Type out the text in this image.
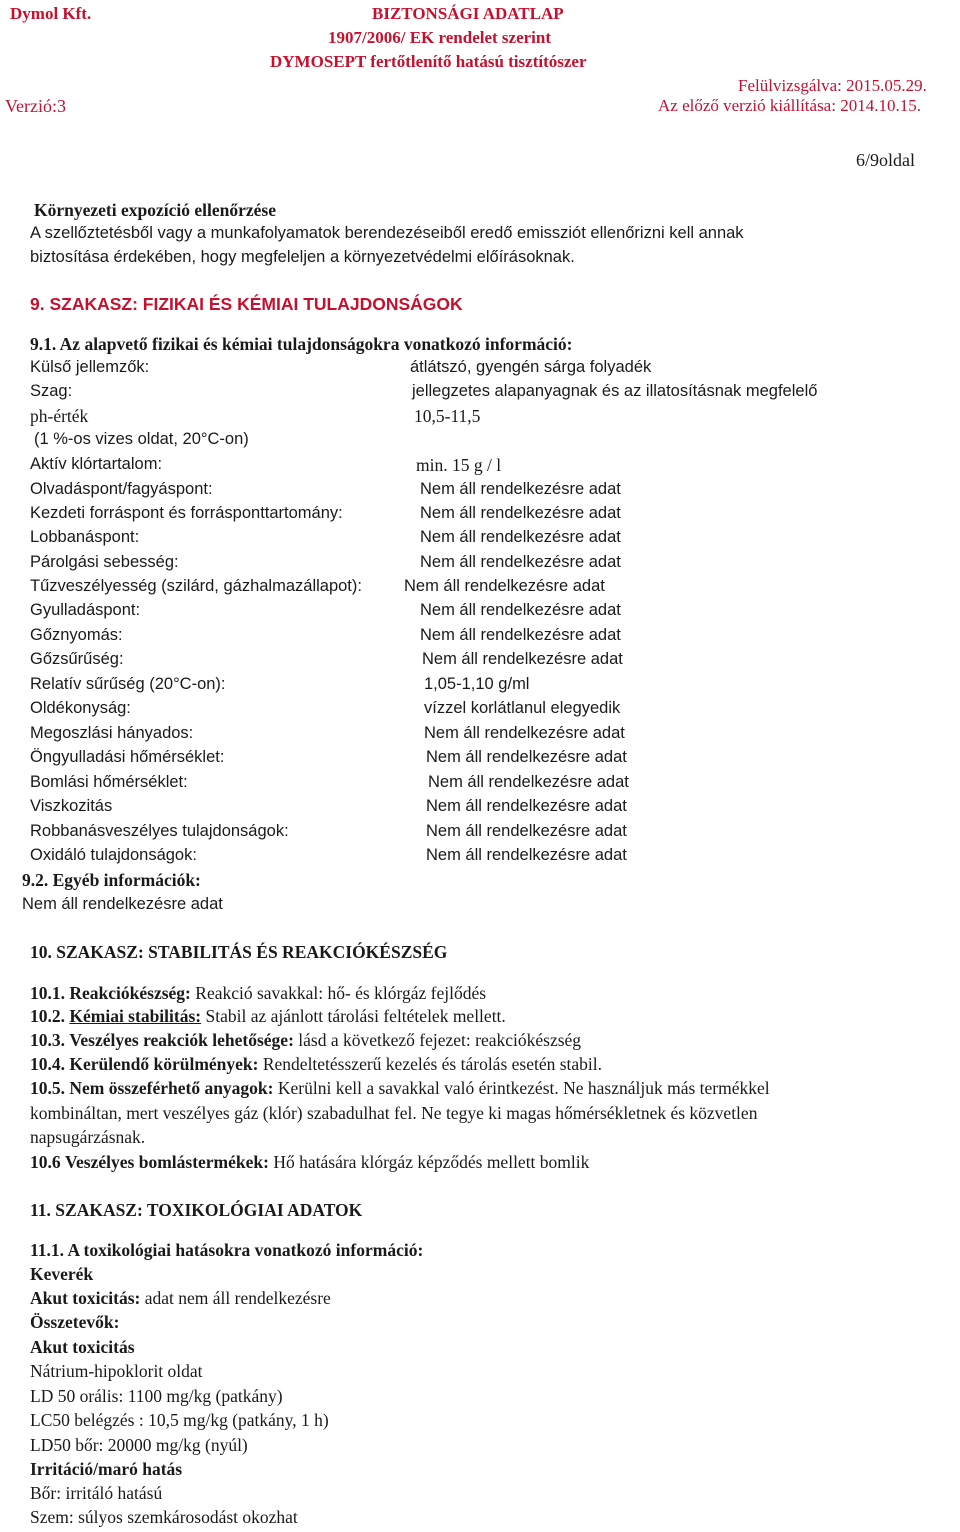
Dymol Kft.	BIZTONSÁGI ADATLAP
1907/2006/ EK rendelet szerint
DYMOSEPT fertőtlenítő hatású tisztítószer
Felülvizsgálva: 2015.05.29.
Az előző verzió kiállítása: 2014.10.15.
Verzió:3
6/9oldal
Környezeti expozíció ellenőrzése
A szellőztetésből vagy a munkafolyamatok berendezéseiből eredő emissziót ellenőrizni kell annak
biztosítása érdekében, hogy megfeleljen a környezetvédelmi előírásoknak.
9. SZAKASZ: FIZIKAI ÉS KÉMIAI TULAJDONSÁGOK
9.1. Az alapvető fizikai és kémiai tulajdonságokra vonatkozó információ:
Külső jellemzők:	átlátszó, gyengén sárga folyadék
Szag:	jellegzetes alapanyagnak és az illatosításnak megfelelő
ph-érték	10,5-11,5
(1 %-os vizes oldat, 20°C-on)
Aktív klórtartalom:	min. 15 g / l
Olvadáspont/fagyáspont:	Nem áll rendelkezésre adat
Kezdeti forráspont és forrásponttartomány:	Nem áll rendelkezésre adat
Lobbanáspont:	Nem áll rendelkezésre adat
Párolgási sebesség:	Nem áll rendelkezésre adat
Tűzveszélyesség (szilárd, gázhalmazállapot):	Nem áll rendelkezésre adat
Gyulladáspont:	Nem áll rendelkezésre adat
Gőznyomás:	Nem áll rendelkezésre adat
Gőzsűrűség:	Nem áll rendelkezésre adat
Relatív sűrűség (20°C-on):	1,05-1,10 g/ml
Oldékonyság:	vízzel korlátlanul elegyedik
Megoszlási hányados:	Nem áll rendelkezésre adat
Öngyulladási hőmérséklet:	Nem áll rendelkezésre adat
Bomlási hőmérséklet:	Nem áll rendelkezésre adat
Viszkozitás	Nem áll rendelkezésre adat
Robbanásveszélyes tulajdonságok:	Nem áll rendelkezésre adat
Oxidáló tulajdonságok:	Nem áll rendelkezésre adat
9.2. Egyéb információk:
Nem áll rendelkezésre adat
10. SZAKASZ: STABILITÁS ÉS REAKCIÓKÉSZSÉG
10.1. Reakciókészség: Reakció savakkal: hő- és klórgáz fejlődés
10.2. Kémiai stabilitás: Stabil az ajánlott tárolási feltételek mellett.
10.3. Veszélyes reakciók lehetősége: lásd a következő fejezet: reakciókészség
10.4. Kerülendő körülmények: Rendeltetésszerű kezelés és tárolás esetén stabil.
10.5. Nem összeférhető anyagok: Kerülni kell a savakkal való érintkezést. Ne használjuk más termékkel
kombináltan, mert veszélyes gáz (klór) szabadulhat fel. Ne tegye ki magas hőmérsékletnek és közvetlen
napsugárzásnak.
10.6 Veszélyes bomlástermékek: Hő hatására klórgáz képződés mellett bomlik
11. SZAKASZ: TOXIKOLÓGIAI ADATOK
11.1. A toxikológiai hatásokra vonatkozó információ:
Keverék
Akut toxicitás: adat nem áll rendelkezésre
Összetevők:
Akut toxicitás
Nátrium-hipoklorit oldat
LD 50 orális: 1100 mg/kg (patkány)
LC50 belégzés : 10,5 mg/kg (patkány, 1 h)
LD50 bőr: 20000 mg/kg (nyúl)
Irritáció/maró hatás
Bőr: irritáló hatású
Szem: súlyos szemkárosodást okozhat
